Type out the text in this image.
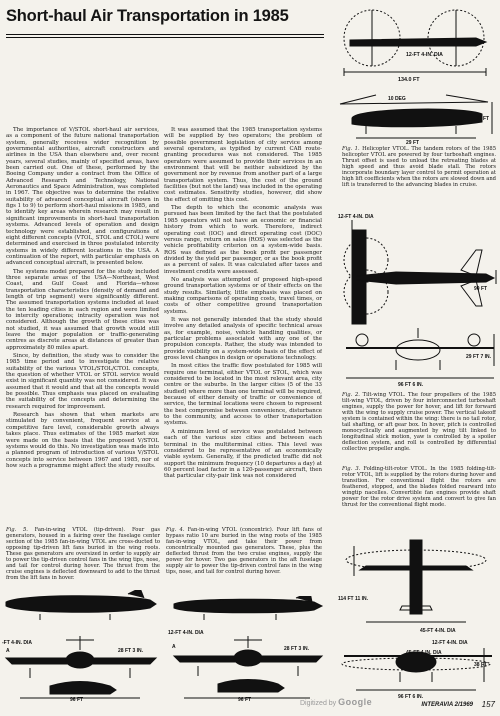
Short-haul Air Transportation in 1985

The importance of V/STOL short-haul air services, as a component of the future national transportation system, generally receives wider recognition by governmental authorities, aircraft constructors and airlines in the USA than elsewhere and, over recent years, several studies, mainly of specified areas, have been carried out. One of these, performed by the Boeing Company under a contract from the Office of Advanced Research and Technology, National Aeronautics and Space Administration, was completed in 1967. The objective was to determine the relative suitability of advanced conceptual aircraft (shown in figs 1 to 9) to perform short-haul missions in 1985, and to identify key areas wherein research may result in significant improvements in short-haul transportation systems. Advanced levels of operation and design technology were established, and configurations of eight different concepts (VTOL, STOL and CTOL) were determined and exercised in three postulated intercity systems in widely different locations in the USA. A continuation of the report, with particular emphasis on advanced conceptual aircraft, is presented below.

The systems model prepared for the study included three separate areas of the USA—Northeast, West Coast, and Gulf Coast and Florida—whose transportation characteristics (density of demand and length of trip segment) were significantly different. The assumed transportation systems included at least the ten leading cities in each region and were limited to intercity operations; intracity operation was not considered. Although the growth of these cities was not studied, it was assumed that growth would still leave the major population or traffic-generating centres as discrete areas at distances of greater than approximately 80 miles apart.

Since, by definition, the study was to consider the 1985 time period and to investigate the relative suitability of the various VTOL/STOL/CTOL concepts, the question of whether VTOL or STOL service would exist in significant quantity was not considered. It was assumed that it would and that all the concepts would be possible. Thus emphasis was placed on evaluating the suitability of the concepts and determining the research required for improvement.

Research has shown that when markets are stimulated by convenient, frequent service at a competitive fare level, considerable growth always takes place. Thus estimates of the 1985 market size were made on the basis that the proposed V/STOL systems would do this. No investigation was made into a planned program of introduction of various V/STOL concepts into service between 1967 and 1985, nor of how such a programme might affect the study results.

It was assumed that the 1985 transportation systems will be supplied by two operators; the problem of possible government legislation of city service among several operators, as typified by current CAB route-granting procedures was not considered. The 1985 operators were assumed to provide their services in an environment that will be neither subsidized by the government nor by revenue from another part of a large transportation system. Thus, the cost of the ground facilities (but not the land) was included in the operating cost estimates. Sensitivity studies, however, did show the effect of omitting this cost.

The depth to which the economic analysis was pursued has been limited by the fact that the postulated 1985 operators will not have an economic or financial history from which to work. Therefore, indirect operating cost (IOC) and direct operating cost (DOC) versus range, return on sales (ROS) was selected as the vehicle profitability criterion on a system-wide basis. ROS was defined as the book profit per passenger divided by the yield per passenger, or as the book profit as a percent of sales. It was calculated after taxes and investment credits were assessed.

No analysis was attempted of proposed high-speed ground transportation systems or of their effects on the study results. Similarly, little emphasis was placed on making comparisons of operating costs, travel times, or costs of other competitive ground transportation systems.

It was not generally intended that the study should involve any detailed analysis of specific technical areas as, for example, noise, vehicle handling qualities, or particular problems associated with any one of the propulsion concepts. Rather, the study was intended to provide visibility on a system-wide basis of the effect of gross level changes in design or operations technology.

In most cities the traffic flow postulated for 1985 will require one terminal, either VTOL or STOL, which was considered to be located in the most relevant area, city centre or the suburbs. In the larger cities (5 of the 33 studied) where more than one terminal will be required, because of either density of traffic or convenience of service, the terminal locations were chosen to represent the best compromise between convenience, disturbance to the community, and access to other transportation systems.

A minimum level of service was postulated between each of the various size cities and between each terminal in the multiterminal cities. This level was considered to be representative of an economically viable system. Generally, if the predicted traffic did not support the minimum frequency (10 departures a day) at 60 percent load factor in a 120-passenger aircraft, then that particular city-pair link was not considered

12-FT 4-IN. DIA
134.0 FT
10 DEG
36 FT
29 FT
Fig. 1. Helicopter VTOL. The tandem rotors of the 1985 helicopter VTOL are powered by four turboshaft engines. Thrust offset is used to unload the retreating blades at high speed and thus avoid blade stall. The rotors incorporate boundary layer control to permit operation at high lift coefficients when the rotors are slowed down and lift is transferred to the advancing blades in cruise.
12-FT 4-IN. DIA
90 FT
29 FT 7 IN.
96 FT 6 IN.
Fig. 2. Tilt-wing VTOL. The four propellers of the 1985 tilt-wing VTOL, driven by four interconnected turboshaft engines, supply the power for hover, and lift for forward with the wing to supply cruise power. The vertical takeoff system is contained within the wing: there is no tail rotor, tail shafting, or aft gear box. In hover, pitch is controlled monocyclically and augmented by wing tilt linked to longitudinal stick motion, yaw is controlled by a spoiler deflection system, and roll is controlled by differential collective propeller angle.
Fig. 3. Folding-tilt-rotor VTOL. In the 1985 folding-tilt-rotor VTOL, lift is supplied by the rotors during hover and transition. For conventional flight the rotors are feathered, stopped, and the blades folded rearward into wingtip nacelles. Convertible fan engines provide shaft power for the rotor drive system and convert to give fan thrust for the conventional flight mode.
114 FT 11 IN.
45-FT 4-IN. DIA
12-FT 4-IN. DIA
45-FT 4-IN. DIA
38 FT
96 FT 6 IN.
Fig. 5. Fan-in-wing VTOL (tip-driven). Four gas generators, housed in a fairing over the fuselage center section of the 1985 fan-in-wing VTOL are cross-ducted to opposing tip-driven lift fans buried in the wing roots. These gas generators are oversized in order to supply air to power the tip-driven control fans in the wing tips, nose, and tail for control during hover. The thrust from the cruise engines is deflected downward to add to the thrust from the lift fans in hover.
Fig. 4. Fan-in-wing VTOL (concentric). Four lift fans of bypass ratio 10 are buried in the wing roots of the 1985 fan-in-wing VTOL, and take their power from concentrically mounted gas generators. These, plus the deflected thrust from the two cruise engines, supply the power for hover. Two gas generators in the aft fuselage supply air to power the tip-driven control fans in the wing tips, nose, and tail for control during hover.
-FT 4-IN. DIA
A	28 FT 3 IN.
96 FT
12-FT 4-IN. DIA
A	28 FT 3 IN.
96 FT	Digitized by Google	INTERAVIA 2/1969 157
